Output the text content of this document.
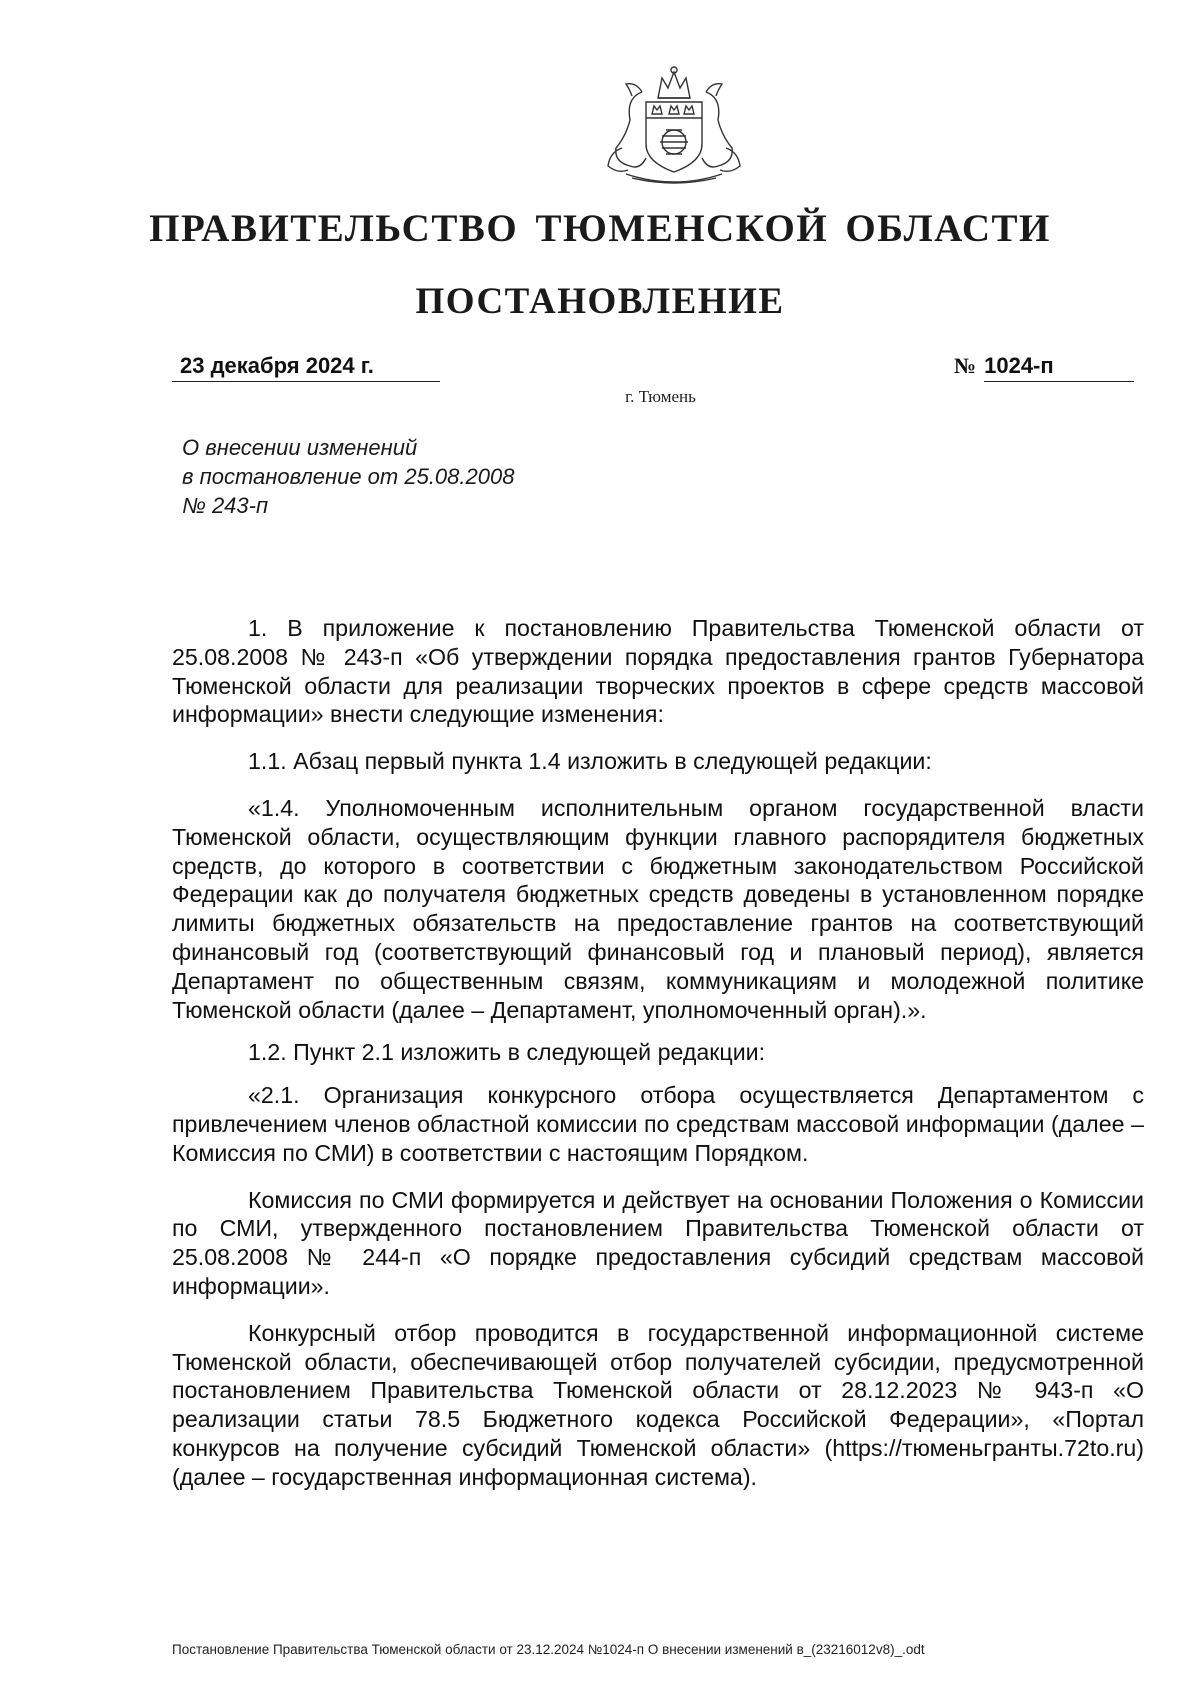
ПРАВИТЕЛЬСТВО ТЮМЕНСКОЙ ОБЛАСТИ
ПОСТАНОВЛЕНИЕ
23 декабря 2024 г.	№ 1024-п
г. Тюмень
О внесении изменений
в постановление от 25.08.2008
№ 243-п

1. В приложение к постановлению Правительства Тюменской области от 25.08.2008 № 243-п «Об утверждении порядка предоставления грантов Губернатора Тюменской области для реализации творческих проектов в сфере средств массовой информации» внести следующие изменения:

1.1. Абзац первый пункта 1.4 изложить в следующей редакции:

«1.4. Уполномоченным исполнительным органом государственной власти Тюменской области, осуществляющим функции главного распорядителя бюджетных средств, до которого в соответствии с бюджетным законодательством Российской Федерации как до получателя бюджетных средств доведены в установленном порядке лимиты бюджетных обязательств на предоставление грантов на соответствующий финансовый год (соответствующий финансовый год и плановый период), является Департамент по общественным связям, коммуникациям и молодежной политике Тюменской области (далее – Департамент, уполномоченный орган).».

1.2. Пункт 2.1 изложить в следующей редакции:

«2.1. Организация конкурсного отбора осуществляется Департаментом с привлечением членов областной комиссии по средствам массовой информации (далее – Комиссия по СМИ) в соответствии с настоящим Порядком.

Комиссия по СМИ формируется и действует на основании Положения о Комиссии по СМИ, утвержденного постановлением Правительства Тюменской области от 25.08.2008 № 244-п «О порядке предоставления субсидий средствам массовой информации».

Конкурсный отбор проводится в государственной информационной системе Тюменской области, обеспечивающей отбор получателей субсидии, предусмотренной постановлением Правительства Тюменской области от 28.12.2023 № 943-п «О реализации статьи 78.5 Бюджетного кодекса Российской Федерации», «Портал конкурсов на получение субсидий Тюменской области» (https://тюменьгранты.72to.ru) (далее – государственная информационная система).

Постановление Правительства Тюменской области от 23.12.2024 №1024-п О внесении изменений в_(23216012v8)_.odt
